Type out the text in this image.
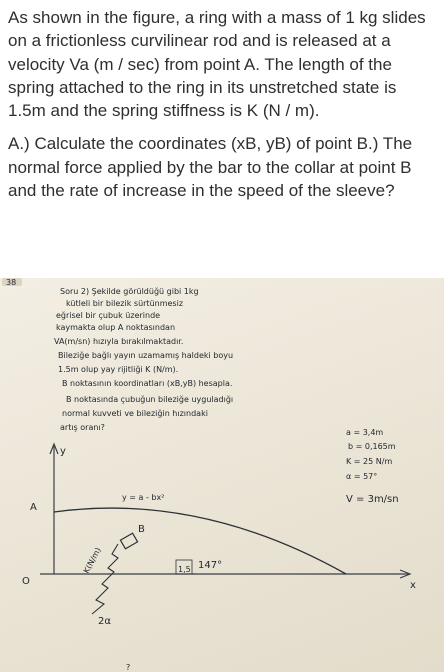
As shown in the figure, a ring with a mass of 1 kg slides on a frictionless curvilinear rod and is released at a velocity Va (m / sec) from point A. The length of the spring attached to the ring in its unstretched state is 1.5m and the spring stiffness is K (N / m).

A.) Calculate the coordinates (xB, yB) of point B.) The normal force applied by the bar to the collar at point B and the rate of increase in the speed of the sleeve?

38
Soru 2) Şekilde görüldüğü gibi 1kg
kütleli bir bilezik sürtünmesiz
eğrisel bir çubuk üzerinde
kaymakta olup A noktasından
VA(m/sn) hızıyla bırakılmaktadır.
Bileziğe bağlı yayın uzamamış haldeki boyu
1.5m olup yay rijitliği K (N/m).
B noktasının koordinatları (xB,yB) hesapla.
B noktasında çubuğun bileziğe uyguladığı
normal kuvveti ve bileziğin hızındaki
artış oranı?
a = 3,4m
b = 0,165m
K = 25 N/m
α = 57°
V = 3m/sn
y
x
O
A
y = a - bx²
B
K(N/m)
2α
1,5 147°
?
